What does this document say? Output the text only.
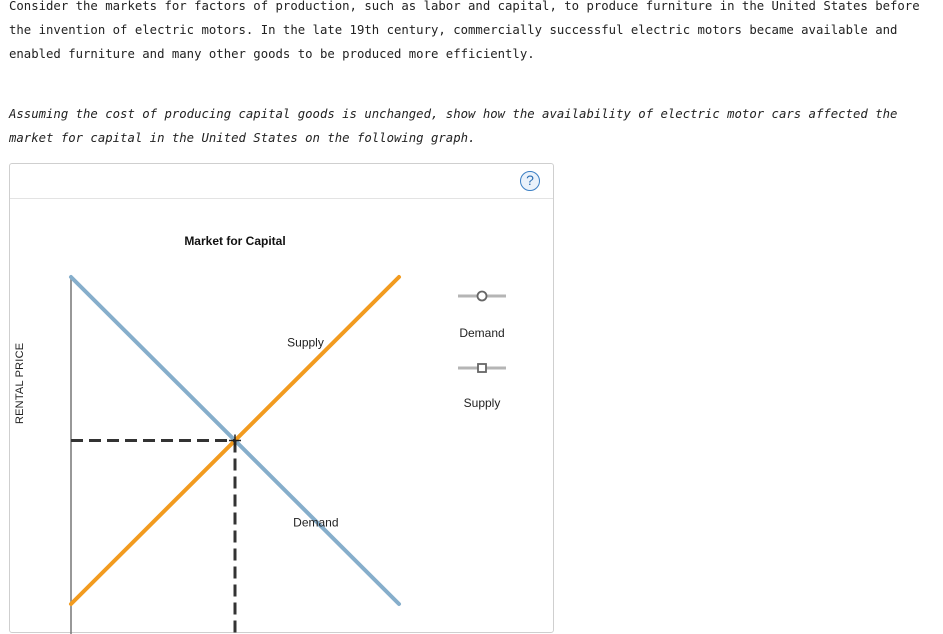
Consider the markets for factors of production, such as labor and capital, to produce furniture in the United States before the invention of electric motors. In the late 19th century, commercially successful electric motors became available and enabled furniture and many other goods to be produced more efficiently.

Assuming the cost of producing capital goods is unchanged, show how the availability of electric motor cars affected the market for capital in the United States on the following graph.

?
Market for Capital
RENTAL PRICE
Supply
Demand
Demand
Supply
